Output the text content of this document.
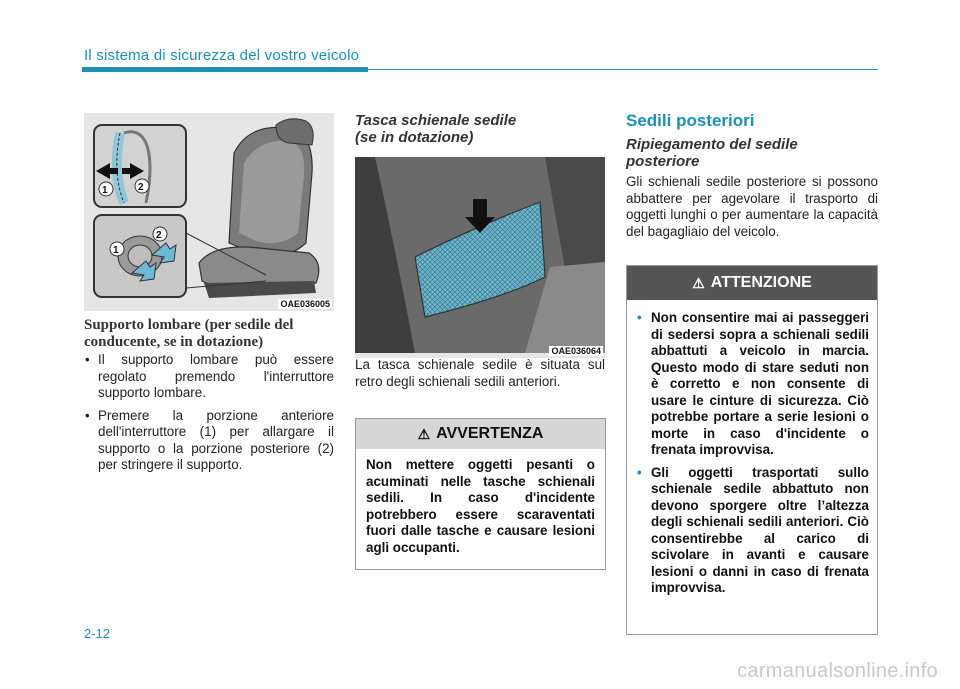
Il sistema di sicurezza del vostro veicolo
1	2
1
2
OAE036005
Supporto lombare (per sedile del
conducente, se in dotazione)
• Il supporto lombare può essere regolato premendo l'interruttore supporto lombare.
• Premere la porzione anteriore dell'interruttore (1) per allargare il supporto o la porzione posteriore (2) per stringere il supporto.
Tasca schienale sedile
(se in dotazione)
OAE036064
La tasca schienale sedile è situata sul retro degli schienali sedili anteriori.
⚠ AVVERTENZA
Non mettere oggetti pesanti o acuminati nelle tasche schienali sedili. In caso d'incidente potrebbero essere scaraventati fuori dalle tasche e causare lesioni agli occupanti.
Sedili posteriori
Ripiegamento del sedile
posteriore
Gli schienali sedile posteriore si possono abbattere per agevolare il trasporto di oggetti lunghi o per aumentare la capacità del bagagliaio del veicolo.
⚠ ATTENZIONE
• Non consentire mai ai passeggeri di sedersi sopra a schienali sedili abbattuti a veicolo in marcia. Questo modo di stare seduti non è corretto e non consente di usare le cinture di sicurezza. Ciò potrebbe portare a serie lesioni o morte in caso d'incidente o frenata improvvisa.
• Gli oggetti trasportati sullo schienale sedile abbattuto non devono sporgere oltre l’altezza degli schienali sedili anteriori. Ciò consentirebbe al carico di scivolare in avanti e causare lesioni o danni in caso di frenata improvvisa.
2-12
carmanualsonline.info
